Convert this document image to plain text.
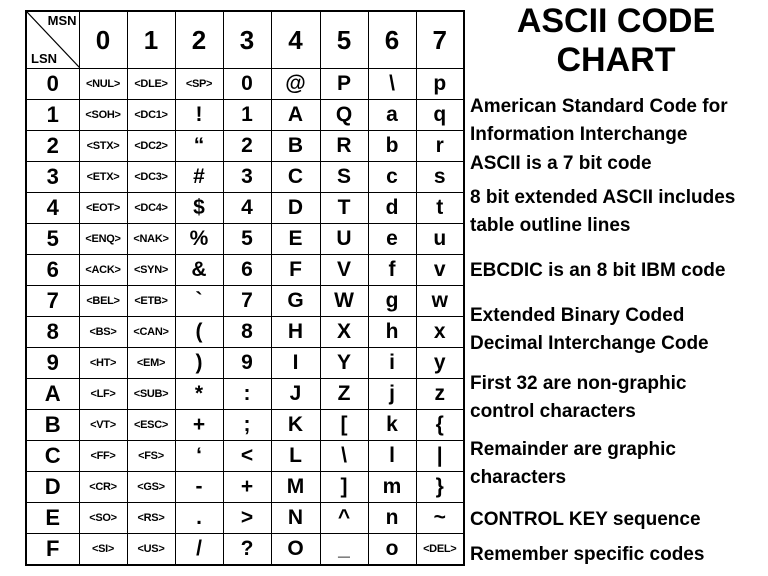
MSN
LSN	0	1	2	3	4	5	6	7
0	<NUL>	<DLE>	<SP>	0	@	P	\	p
1	<SOH>	<DC1>	!	1	A	Q	a	q
2	<STX>	<DC2>	“	2	B	R	b	r
3	<ETX>	<DC3>	#	3	C	S	c	s
4	<EOT>	<DC4>	$	4	D	T	d	t
5	<ENQ>	<NAK>	%	5	E	U	e	u
6	<ACK>	<SYN>	&	6	F	V	f	v
7	<BEL>	<ETB>	`	7	G	W	g	w
8	<BS>	<CAN>	(	8	H	X	h	x
9	<HT>	<EM>	)	9	I	Y	i	y
A	<LF>	<SUB>	*	:	J	Z	j	z
B	<VT>	<ESC>	+	;	K	[	k	{
C	<FF>	<FS>	‘	<	L	\	l	|
D	<CR>	<GS>	-	+	M	]	m	}
E	<SO>	<RS>	.	>	N	^	n	~
F	<SI>	<US>	/	?	O	_	o	<DEL>
ASCII CODE
CHART
American Standard Code for
Information Interchange
ASCII is a 7 bit code
8 bit extended ASCII includes
table outline lines
EBCDIC is an 8 bit IBM code
Extended Binary Coded
Decimal Interchange Code
First 32 are non-graphic
control characters
Remainder are graphic
characters
CONTROL KEY sequence
Remember specific codes
